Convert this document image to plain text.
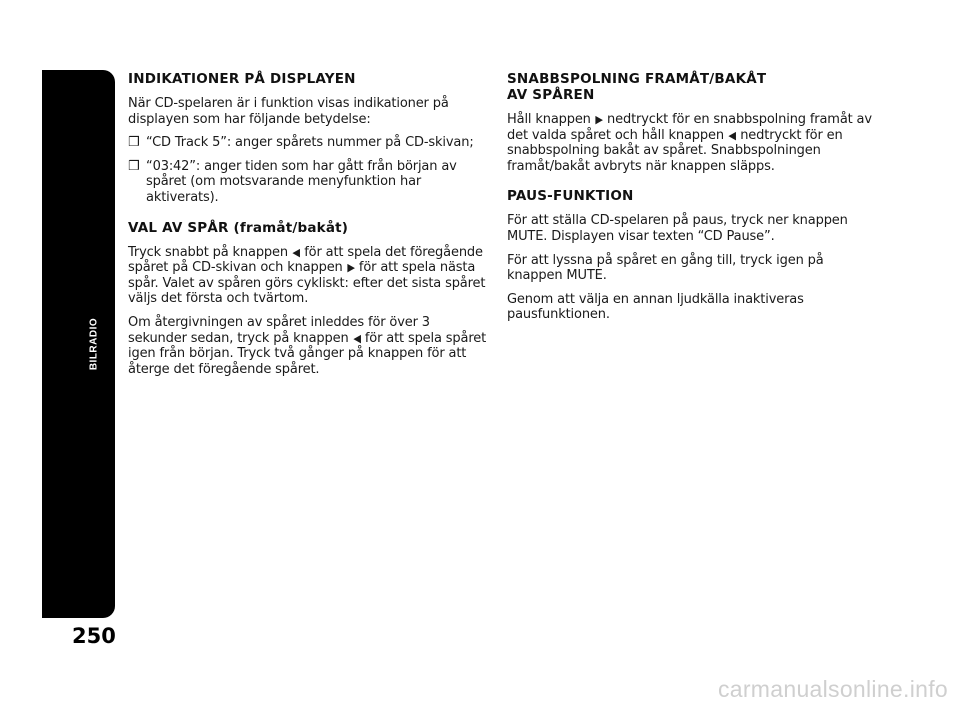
BILRADIO
250
INDIKATIONER PÅ DISPLAYEN

När CD-spelaren är i funktion visas indikationer på displayen som har följande betydelse:

❒ “CD Track 5”: anger spårets nummer på CD-skivan;

❒ “03:42”: anger tiden som har gått från början av spåret (om motsvarande menyfunktion har aktiverats).

VAL AV SPÅR (framåt/bakåt)

Tryck snabbt på knappen ◀ för att spela det föregående spåret på CD-skivan och knappen ▶ för att spela nästa spår. Valet av spåren görs cykliskt: efter det sista spåret väljs det första och tvärtom.

Om återgivningen av spåret inleddes för över 3 sekunder sedan, tryck på knappen ◀ för att spela spåret igen från början. Tryck två gånger på knappen för att återge det föregående spåret.

SNABBSPOLNING FRAMÅT/BAKÅT
AV SPÅREN

Håll knappen ▶ nedtryckt för en snabbspolning framåt av det valda spåret och håll knappen ◀ nedtryckt för en snabbspolning bakåt av spåret. Snabbspolningen framåt/bakåt avbryts när knappen släpps.

PAUS-FUNKTION

För att ställa CD-spelaren på paus, tryck ner knappen MUTE. Displayen visar texten “CD Pause”.

För att lyssna på spåret en gång till, tryck igen på knappen MUTE.

Genom att välja en annan ljudkälla inaktiveras pausfunktionen.

carmanualsonline.info
